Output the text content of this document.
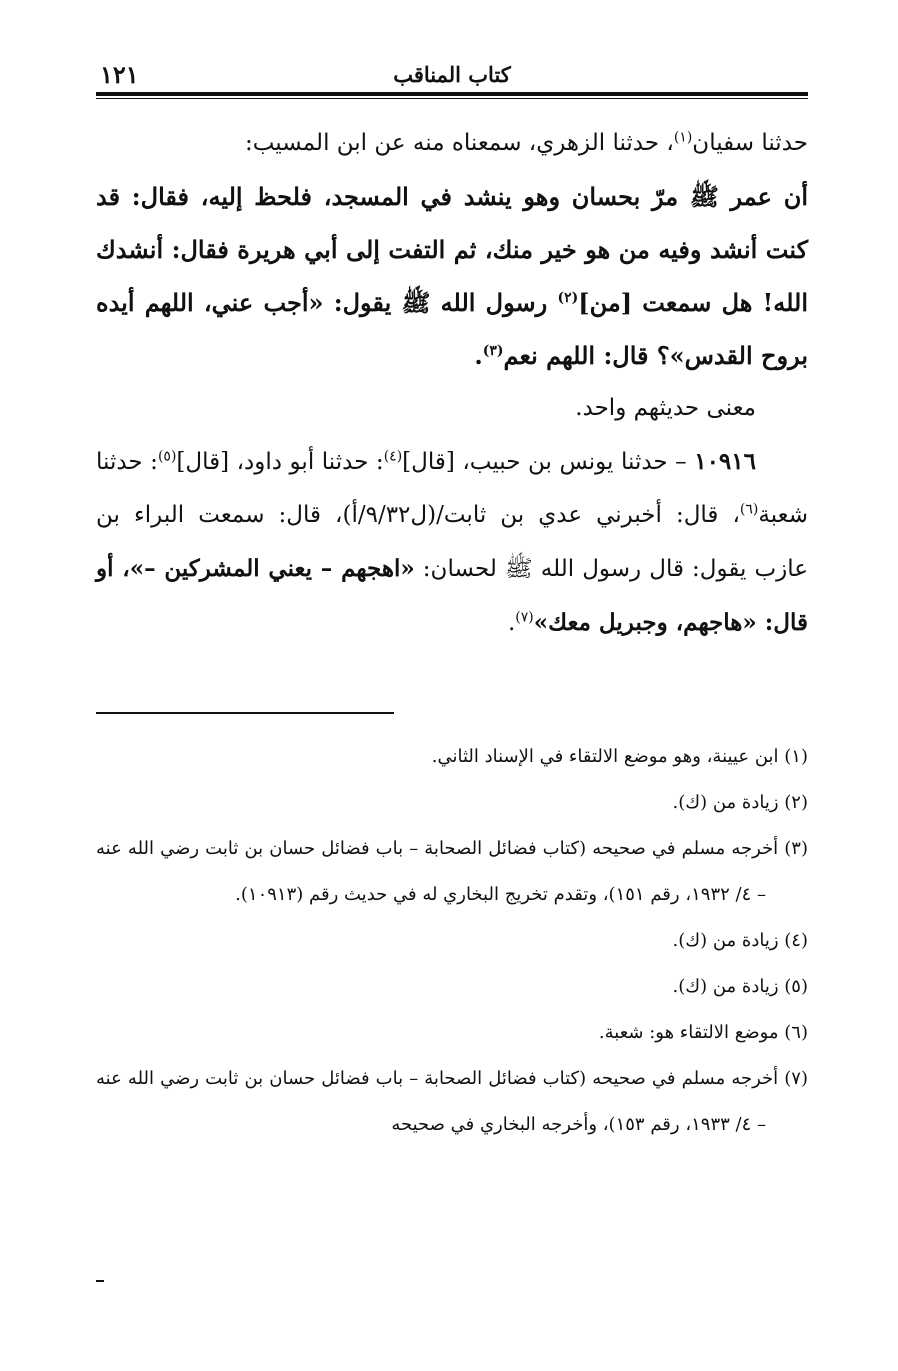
كتاب المناقب
١٢١

حدثنا سفيان$^{(١)}$، حدثنا الزهري، سمعناه منه عن ابن المسيب:

أن عمر ﷺ مرّ بحسان وهو ينشد في المسجد، فلحظ إليه، فقال: قد كنت أنشد وفيه من هو خير منك، ثم التفت إلى أبي هريرة فقال: أنشدك الله! هل سمعت [من]$^{(٢)}$ رسول الله ﷺ يقول: «أجب عني، اللهم أيده بروح القدس»؟ قال: اللهم نعم$^{(٣)}$.

معنى حديثهم واحد.

١٠٩١٦ – حدثنا يونس بن حبيب، [قال]$^{(٤)}$: حدثنا أبو داود، [قال]$^{(٥)}$: حدثنا شعبة$^{(٦)}$، قال: أخبرني عدي بن ثابت/(ل٩/٣٢/أ)، قال: سمعت البراء بن عازب يقول: قال رسول الله ﷺ لحسان: «اهجهم – يعني المشركين –»، أو قال: «هاجهم، وجبريل معك»$^{(٧)}$.

(١) ابن عيينة، وهو موضع الالتقاء في الإسناد الثاني.

(٢) زيادة من (ك).

(٣) أخرجه مسلم في صحيحه (كتاب فضائل الصحابة – باب فضائل حسان بن ثابت رضي الله عنه – ٤/ ١٩٣٢، رقم ١٥١)، وتقدم تخريج البخاري له في حديث رقم (١٠٩١٣).

(٤) زيادة من (ك).

(٥) زيادة من (ك).

(٦) موضع الالتقاء هو: شعبة.

(٧) أخرجه مسلم في صحيحه (كتاب فضائل الصحابة – باب فضائل حسان بن ثابت رضي الله عنه – ٤/ ١٩٣٣، رقم ١٥٣)، وأخرجه البخاري في صحيحه
